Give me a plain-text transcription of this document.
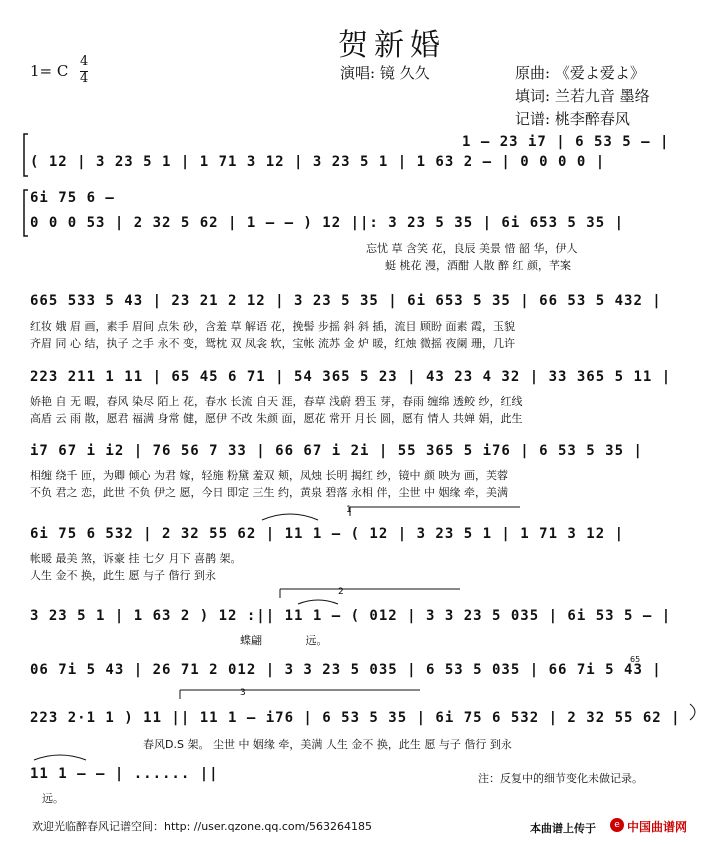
贺新婚
1= C
4
4	演唱: 镜 久久	原曲: 《爱よ爱よ》
填词: 兰若九音 墨络
记谱: 桃李醉春风
1 – 23 i7 | 6 53 5 – |
( 12 | 3 23 5 1 | 1 71 3 12 | 3 23 5 1 | 1 63 2 – | 0 0 0 0 |
6i 75 6 –
0 0 0 53 | 2 32 5 62 | 1 – – ) 12 ||: 3 23 5 35 | 6i 653 5 35 |
忘忧 草 含笑 花，良辰 美景 惜 韶 华，伊人
蜓 桃花 漫，酒酣 人散 醉 红 颜，芊案
665 533 5 43 | 23 21 2 12 | 3 23 5 35 | 6i 653 5 35 | 66 53 5 432 |
红妆 娥 眉 画，素手 眉间 点朱 砂，含羞 草 解语 花，挽髻 步摇 斜 斜 插，流目 顾盼 面素 霞，玉貌
齐眉 同 心 结，执子 之手 永不 变，鸳枕 双 凤衾 软，宝帐 流苏 金 炉 暖，红烛 微摇 夜阑 珊，几许
223 211 1 11 | 65 45 6 71 | 54 365 5 23 | 43 23 4 32 | 33 365 5 11 |
娇艳 自 无 暇，春风 染尽 陌上 花，春水 长流 自天 涯，春草 浅蔚 碧玉 芽，春雨 缠绵 透鲛 纱，红线
高盾 云 雨 散，愿君 福满 身常 健，愿伊 不改 朱颜 面，愿花 常开 月长 圆，愿有 情人 共婵 娟，此生
i7 67 i i2 | 76 56 7 33 | 66 67 i 2i | 55 365 5 i76 | 6 53 5 35 |
相缠 绕千 匝，为卿 倾心 为君 嫁，轻施 粉黛 羞双 颊，凤烛 长明 揭红 纱，镜中 颜 映为 画，芙蓉
不负 君之 恋，此世 不负 伊之 愿，今日 即定 三生 约，黄泉 碧落 永相 伴，尘世 中 姻缘 牵，美满
6i 75 6 532 | 2 32 55 62 | 11 1 – ( 12 | 3 23 5 1 | 1 71 3 12 |
帐暖 最美 煞，诉豪 挂 七夕 月下 喜鹊 架。
人生 金不 换，此生 愿 与子 偕行 到永
3 23 5 1 | 1 63 2 ) 12 :|| 11 1 – ( 012 | 3 3 23 5 035 | 6i 53 5 – |
蝶翩 远。
06 7i 5 43 | 26 71 2 012 | 3 3 23 5 035 | 6 53 5 035 | 66 7i 5 43 |
223 2·1 1 ) 11 || 11 1 – i76 | 6 53 5 35 | 6i 75 6 532 | 2 32 55 62 |
春风D.S 架。 尘世 中 姻缘 牵，美满 人生 金不 换，此生 愿 与子 偕行 到永
11 1 – – | ...... ||
远。
1
2
3
65
注：反复中的细节变化未做记录。
欢迎光临醉春风记谱空间：http: //user.qzone.qq.com/563264185	本曲谱上传于	e 中国曲谱网
